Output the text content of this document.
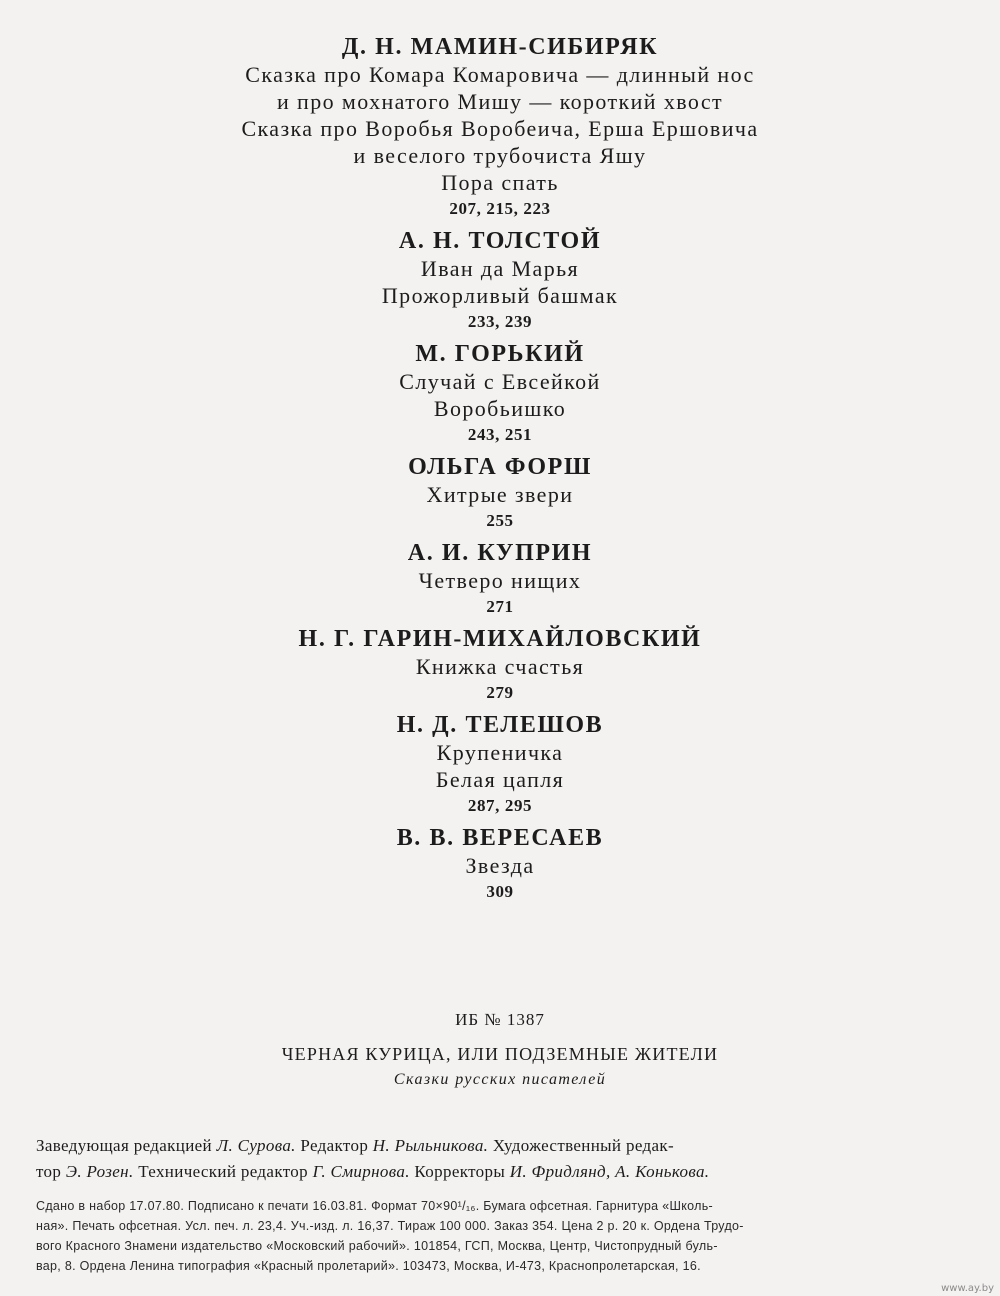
Д. Н. МАМИН-СИБИРЯК
Сказка про Комара Комаровича — длинный нос
и про мохнатого Мишу — короткий хвост
Сказка про Воробья Воробеича, Ерша Ершовича
и веселого трубочиста Яшу
Пора спать
207, 215, 223
А. Н. ТОЛСТОЙ
Иван да Марья
Прожорливый башмак
233, 239
М. ГОРЬКИЙ
Случай с Евсейкой
Воробьишко
243, 251
ОЛЬГА ФОРШ
Хитрые звери
255
А. И. КУПРИН
Четверо нищих
271
Н. Г. ГАРИН-МИХАЙЛОВСКИЙ
Книжка счастья
279
Н. Д. ТЕЛЕШОВ
Крупеничка
Белая цапля
287, 295
В. В. ВЕРЕСАЕВ
Звезда
309
ИБ № 1387
ЧЕРНАЯ КУРИЦА, ИЛИ ПОДЗЕМНЫЕ ЖИТЕЛИ
Сказки русских писателей
Заведующая редакцией Л. Сурова. Редактор Н. Рыльникова. Художественный редак-
тор Э. Розен. Технический редактор Г. Смирнова. Корректоры И. Фридлянд, А. Конькова.
Сдано в набор 17.07.80. Подписано к печати 16.03.81. Формат 70×90¹/₁₆. Бумага офсетная. Гарнитура «Школь-
ная». Печать офсетная. Усл. печ. л. 23,4. Уч.-изд. л. 16,37. Тираж 100 000. Заказ 354. Цена 2 р. 20 к. Ордена Трудо-
вого Красного Знамени издательство «Московский рабочий». 101854, ГСП, Москва, Центр, Чистопрудный буль-
вар, 8. Ордена Ленина типография «Красный пролетарий». 103473, Москва, И-473, Краснопролетарская, 16.
www.ay.by
